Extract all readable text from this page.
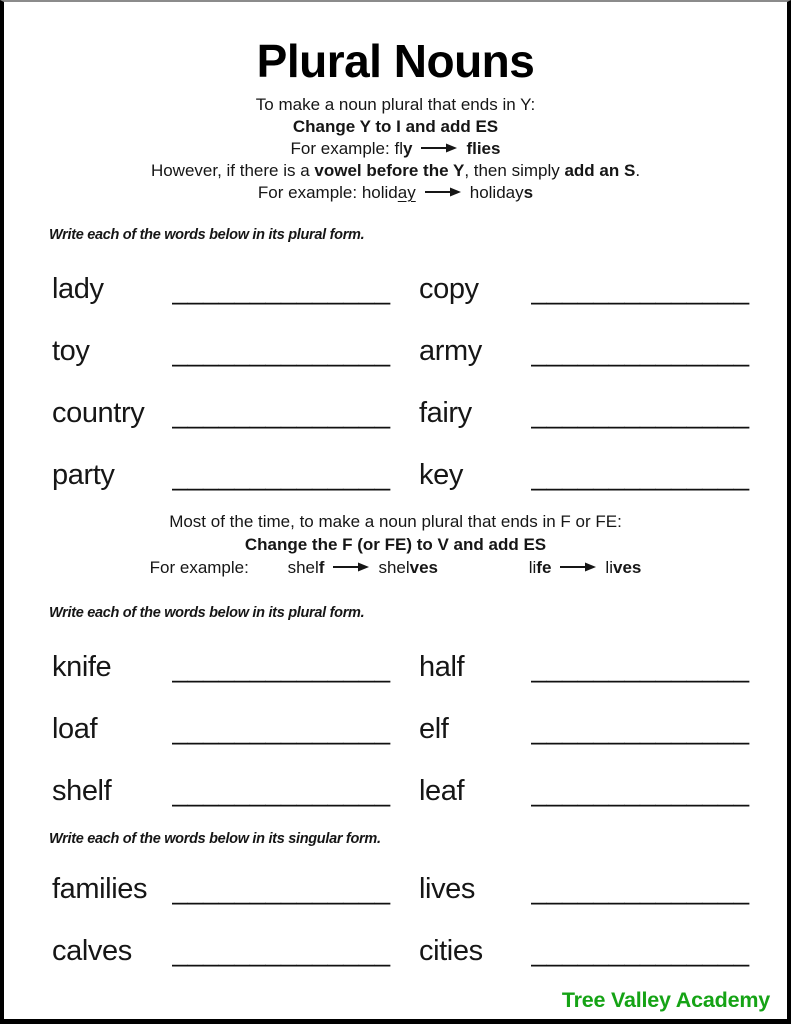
Plural Nouns
To make a noun plural that ends in Y:
Change Y to I and add ES
For example: fly	flies
However, if there is a vowel before the Y, then simply add an S.
For example: holiday	holidays
Write each of the words below in its plural form.
lady	______________ copy	______________
toy	______________ army	______________
country ______________ fairy	______________
party	______________ key	______________
Most of the time, to make a noun plural that ends in F or FE:
Change the F (or FE) to V and add ES
For example: shelf	shelves	life	lives
Write each of the words below in its plural form.
knife	______________ half	______________
loaf	______________ elf	______________
shelf	______________ leaf	______________
Write each of the words below in its singular form.
families ______________ lives	______________
calves	______________ cities	______________
Tree Valley Academy
